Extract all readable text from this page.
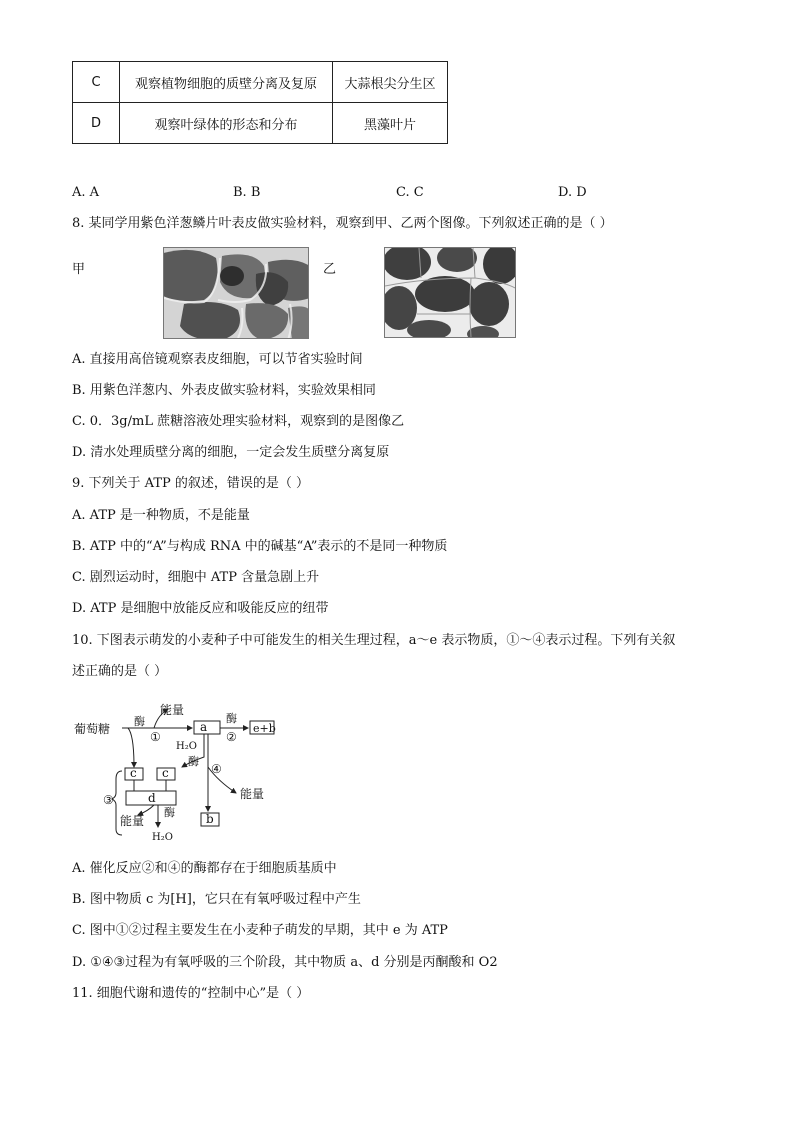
C	观察植物细胞的质壁分离及复原	大蒜根尖分生区
D	观察叶绿体的形态和分布	黑藻叶片
A. A	B. B	C. C	D. D
8. 某同学用紫色洋葱鳞片叶表皮做实验材料，观察到甲、乙两个图像。下列叙述正确的是（ ）
甲	乙
A. 直接用高倍镜观察表皮细胞，可以节省实验时间
B. 用紫色洋葱内、外表皮做实验材料，实验效果相同
C. 0．3g/mL 蔗糖溶液处理实验材料，观察到的是图像乙
D. 清水处理质壁分离的细胞，一定会发生质壁分离复原
9. 下列关于 ATP 的叙述，错误的是（ ）
A. ATP 是一种物质，不是能量
B. ATP 中的“A”与构成 RNA 中的碱基“A”表示的不是同一种物质
C. 剧烈运动时，细胞中 ATP 含量急剧上升
D. ATP 是细胞中放能反应和吸能反应的纽带
10. 下图表示萌发的小麦种子中可能发生的相关生理过程，a～e 表示物质，①～④表示过程。下列有关叙
述正确的是（ ）
葡萄糖
酶
能量
①
a
酶
②
e+b
H₂O
酶
④
能量
c c
③	d
酶
能量
H₂O
b
A. 催化反应②和④的酶都存在于细胞质基质中
B. 图中物质 c 为[H]，它只在有氧呼吸过程中产生
C. 图中①②过程主要发生在小麦种子萌发的早期，其中 e 为 ATP
D. ①④③过程为有氧呼吸的三个阶段，其中物质 a、d 分别是丙酮酸和 O2
11. 细胞代谢和遗传的“控制中心”是（ ）
